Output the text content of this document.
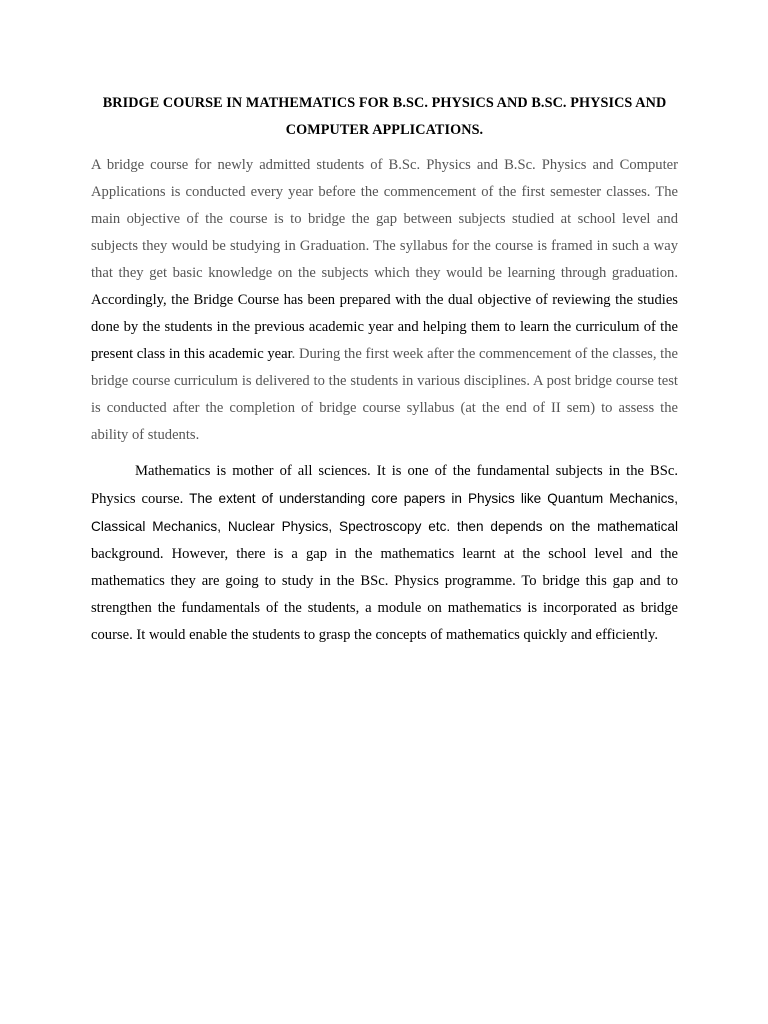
BRIDGE COURSE IN MATHEMATICS FOR B.SC. PHYSICS AND B.SC. PHYSICS AND COMPUTER APPLICATIONS.

A bridge course for newly admitted students of B.Sc. Physics and B.Sc. Physics and Computer Applications is conducted every year before the commencement of the first semester classes. The main objective of the course is to bridge the gap between subjects studied at school level and subjects they would be studying in Graduation. The syllabus for the course is framed in such a way that they get basic knowledge on the subjects which they would be learning through graduation. Accordingly, the Bridge Course has been prepared with the dual objective of reviewing the studies done by the students in the previous academic year and helping them to learn the curriculum of the present class in this academic year. During the first week after the commencement of the classes, the bridge course curriculum is delivered to the students in various disciplines. A post bridge course test is conducted after the completion of bridge course syllabus (at the end of II sem) to assess the ability of students.

Mathematics is mother of all sciences. It is one of the fundamental subjects in the BSc. Physics course. The extent of understanding core papers in Physics like Quantum Mechanics, Classical Mechanics, Nuclear Physics, Spectroscopy etc. then depends on the mathematical background. However, there is a gap in the mathematics learnt at the school level and the mathematics they are going to study in the BSc. Physics programme. To bridge this gap and to strengthen the fundamentals of the students, a module on mathematics is incorporated as bridge course. It would enable the students to grasp the concepts of mathematics quickly and efficiently.
